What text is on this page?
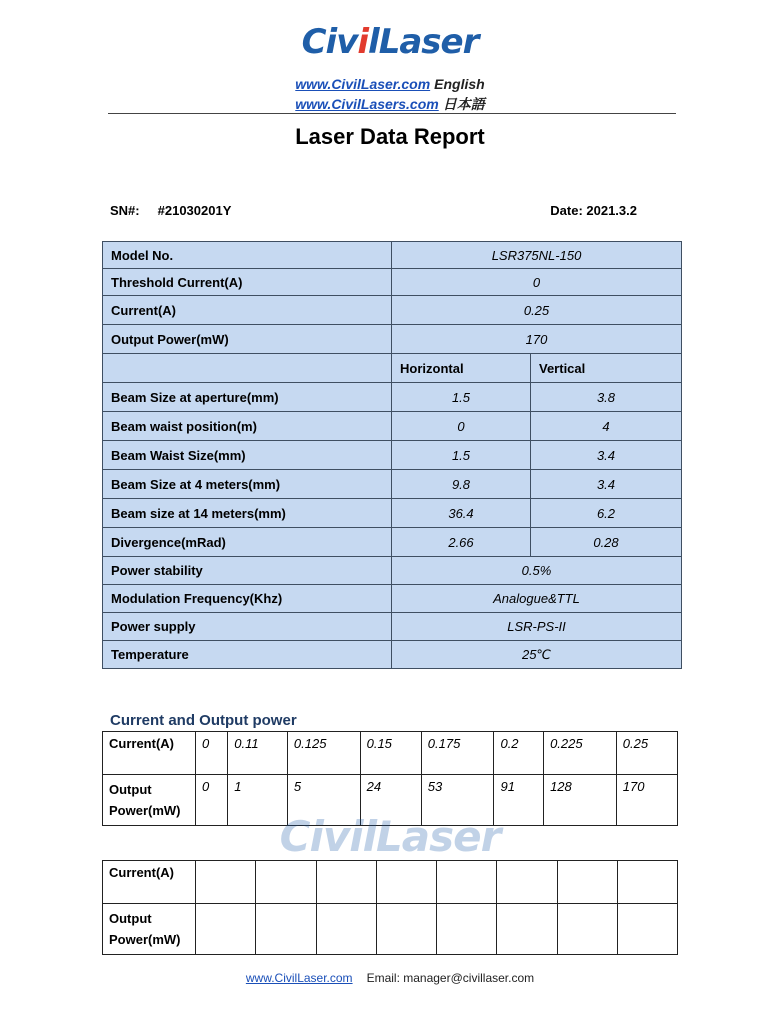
CivilLaser
www.CivilLaser.com English
www.CivilLasers.com 日本語
Laser Data Report
SN#: #21030201Y	Date: 2021.3.2
Model No.	LSR375NL-150	
Threshold Current(A)	0	
Current(A)	0.25	
Output Power(mW)	170	
	Horizontal	Vertical
Beam Size at aperture(mm)	1.5	3.8
Beam waist position(m)	0	4
Beam Waist Size(mm)	1.5	3.4
Beam Size at 4 meters(mm)	9.8	3.4
Beam size at 14 meters(mm)	36.4	6.2
Divergence(mRad)	2.66	0.28
Power stability	0.5%	
Modulation Frequency(Khz)	Analogue&TTL	
Power supply	LSR-PS-II	
Temperature	25℃	
Current and Output power
Current(A)	0	0.11	0.125	0.15	0.175	0.2	0.225	0.25
Output
Power(mW)	0	1	5	24	53	91	128	170
CivilLaser
Current(A)								
Output
Power(mW)								
www.CivilLaser.com Email: manager@civillaser.com
